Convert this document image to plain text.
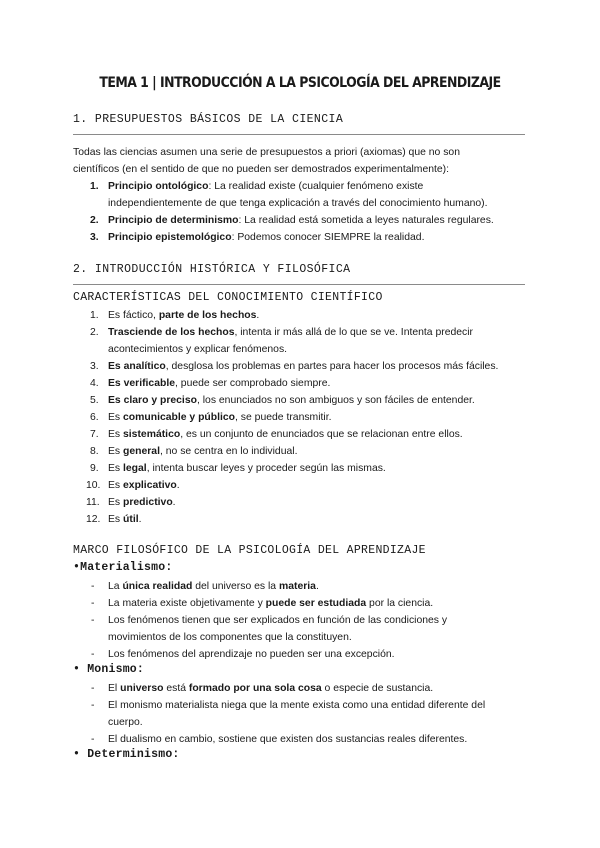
TEMA 1 | INTRODUCCIÓN A LA PSICOLOGÍA DEL APRENDIZAJE
1. PRESUPUESTOS BÁSICOS DE LA CIENCIA
Todas las ciencias asumen una serie de presupuestos a priori (axiomas) que no son
científicos (en el sentido de que no pueden ser demostrados experimentalmente):
1. Principio ontológico: La realidad existe (cualquier fenómeno existe
independientemente de que tenga explicación a través del conocimiento humano).
2. Principio de determinismo: La realidad está sometida a leyes naturales regulares.
3. Principio epistemológico: Podemos conocer SIEMPRE la realidad.
2. INTRODUCCIÓN HISTÓRICA Y FILOSÓFICA
CARACTERÍSTICAS DEL CONOCIMIENTO CIENTÍFICO
1. Es fáctico, parte de los hechos.
2. Trasciende de los hechos, intenta ir más allá de lo que se ve. Intenta predecir
acontecimientos y explicar fenómenos.
3. Es analítico, desglosa los problemas en partes para hacer los procesos más fáciles.
4. Es verificable, puede ser comprobado siempre.
5. Es claro y preciso, los enunciados no son ambiguos y son fáciles de entender.
6. Es comunicable y público, se puede transmitir.
7. Es sistemático, es un conjunto de enunciados que se relacionan entre ellos.
8. Es general, no se centra en lo individual.
9. Es legal, intenta buscar leyes y proceder según las mismas.
10. Es explicativo.
11. Es predictivo.
12. Es útil.
MARCO FILOSÓFICO DE LA PSICOLOGÍA DEL APRENDIZAJE
•Materialismo:
- La única realidad del universo es la materia.
- La materia existe objetivamente y puede ser estudiada por la ciencia.
- Los fenómenos tienen que ser explicados en función de las condiciones y
movimientos de los componentes que la constituyen.
- Los fenómenos del aprendizaje no pueden ser una excepción.
• Monismo:
- El universo está formado por una sola cosa o especie de sustancia.
- El monismo materialista niega que la mente exista como una entidad diferente del
cuerpo.
- El dualismo en cambio, sostiene que existen dos sustancias reales diferentes.
• Determinismo:
